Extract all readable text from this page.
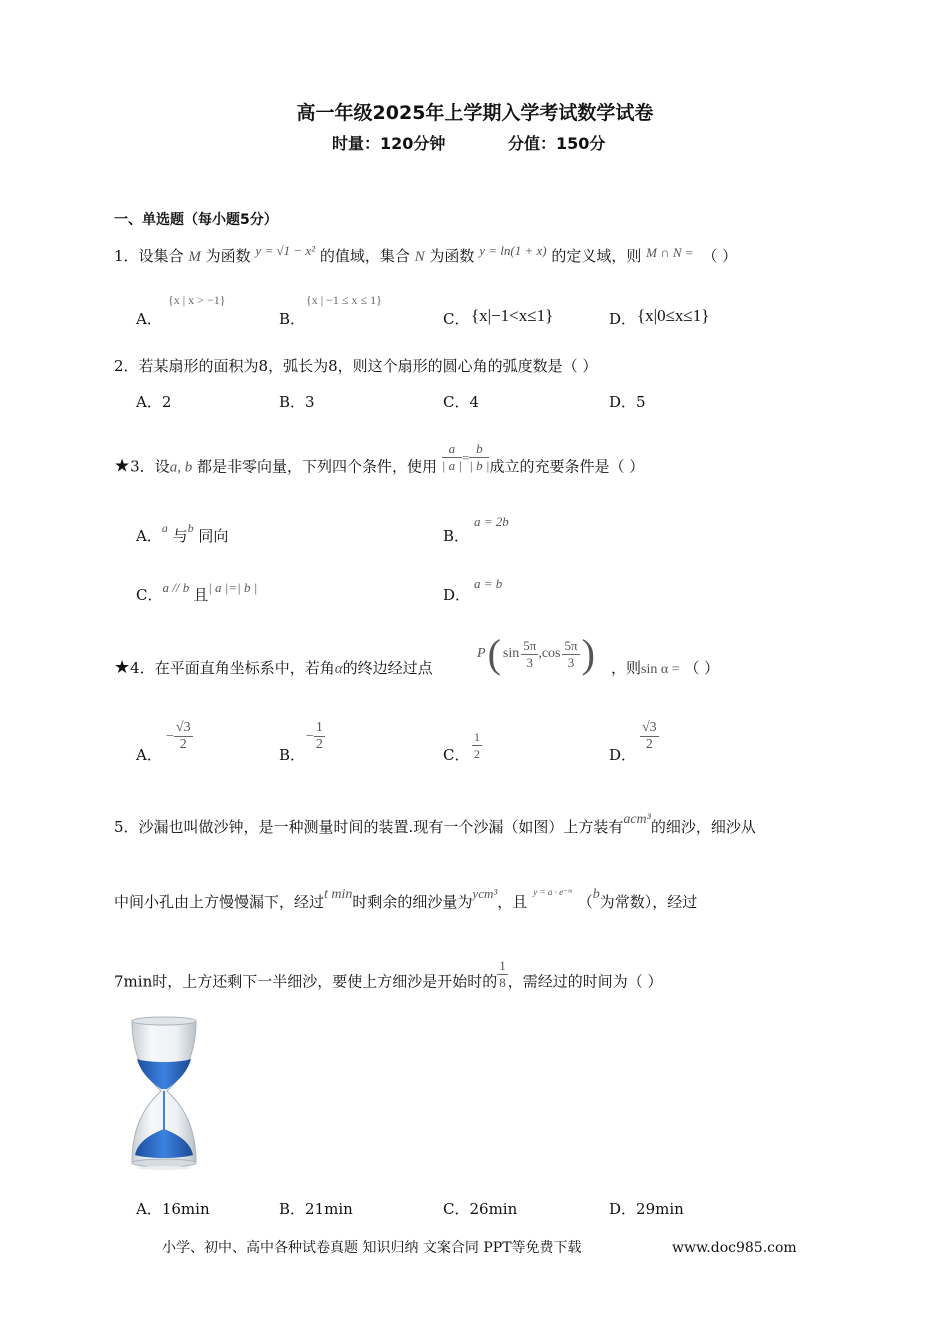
高一年级2025年上学期入学考试数学试卷
时量：120分钟	分值：150分
一、单选题（每小题5分）
1．设集合 M 为函数 y = √1 − x² 的值域，集合 N 为函数 y = ln(1 + x) 的定义域，则 M ∩ N = （ ）
A．
{x | x > −1}
B．
{x | −1 ≤ x ≤ 1}
C． {x|−1<x≤1}	D． {x|0≤x≤1}
2．若某扇形的面积为8，弧长为8，则这个扇形的圆心角的弧度数是（ ）
A．2	B．3	C．4	D．5
★3．设a, b 都是非零向量，下列四个条件，使用 $\frac{a}{| a |} = \frac{b}{| b |}$ 成立的充要条件是（ ）
A．$^a$ 与$^b$ 同向	B．
a = 2b
C．a // b 且| a |=| b |	D．
a = b
★4．在平面直角坐标系中，若角α的终边经过点
P ( $\sin \frac{5\pi}{3} ,\cos \frac{5\pi}{3}$ ) ，则sin α = （ ）
A．
− $\frac{√3}{2}$
B．
− $\frac{1}{2}$
C． $\frac{1}{2}$	D．
$\frac{√3}{2}$
5．沙漏也叫做沙钟，是一种测量时间的装置.现有一个沙漏（如图）上方装有acm³的细沙，细沙从
中间小孔由上方慢慢漏下，经过t min时剩余的细沙量为ycm³，且$^{y = a \cdot e^-ᵇᵗ}$（b为常数），经过
7min时，上方还剩下一半细沙，要使上方细沙是开始时的 $\frac{1}{8}$ ，需经过的时间为（ ）
A．16min	B．21min	C．26min	D．29min
小学、初中、高中各种试卷真题 知识归纳 文案合同 PPT等免费下载	www.doc985.com
